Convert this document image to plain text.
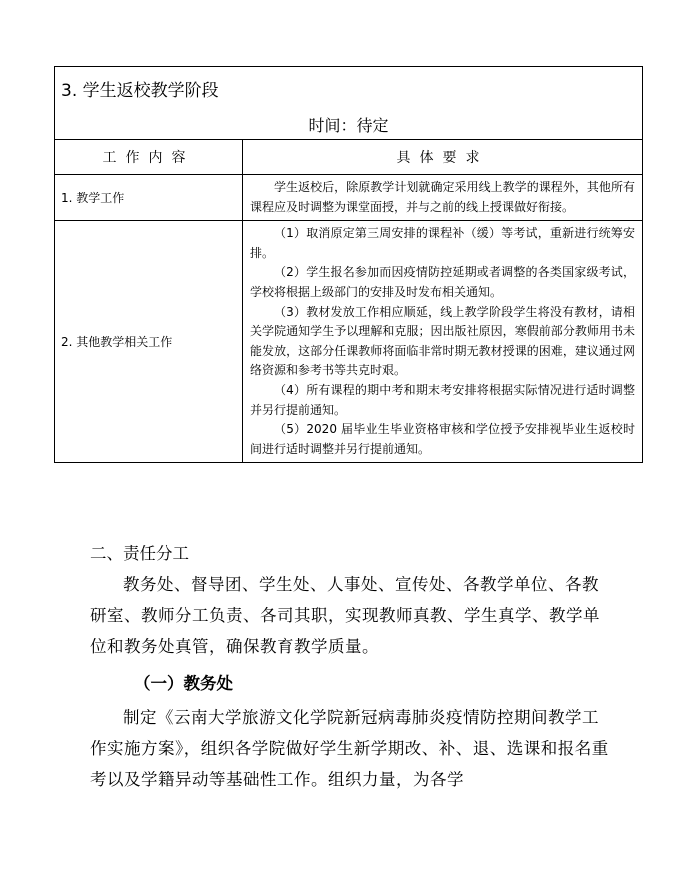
3. 学生返校教学阶段	
时间：待定	
工作内容	具体要求
1. 教学工作	学生返校后，除原教学计划就确定采用线上教学的课程外，其他所有课程应及时调整为课堂面授，并与之前的线上授课做好衔接。

2. 其他教学相关工作	（1）取消原定第三周安排的课程补（缓）等考试，重新进行统筹安排。

（2）学生报名参加而因疫情防控延期或者调整的各类国家级考试，学校将根据上级部门的安排及时发布相关通知。

（3）教材发放工作相应顺延，线上教学阶段学生将没有教材，请相关学院通知学生予以理解和克服；因出版社原因，寒假前部分教师用书未能发放，这部分任课教师将面临非常时期无教材授课的困难，建议通过网络资源和参考书等共克时艰。

（4）所有课程的期中考和期末考安排将根据实际情况进行适时调整并另行提前通知。

（5）2020 届毕业生毕业资格审核和学位授予安排视毕业生返校时间进行适时调整并另行提前通知。

二、责任分工

教务处、督导团、学生处、人事处、宣传处、各教学单位、各教研室、教师分工负责、各司其职，实现教师真教、学生真学、教学单位和教务处真管，确保教育教学质量。

（一）教务处

制定《云南大学旅游文化学院新冠病毒肺炎疫情防控期间教学工作实施方案》，组织各学院做好学生新学期改、补、退、选课和报名重考以及学籍异动等基础性工作。组织力量，为各学
